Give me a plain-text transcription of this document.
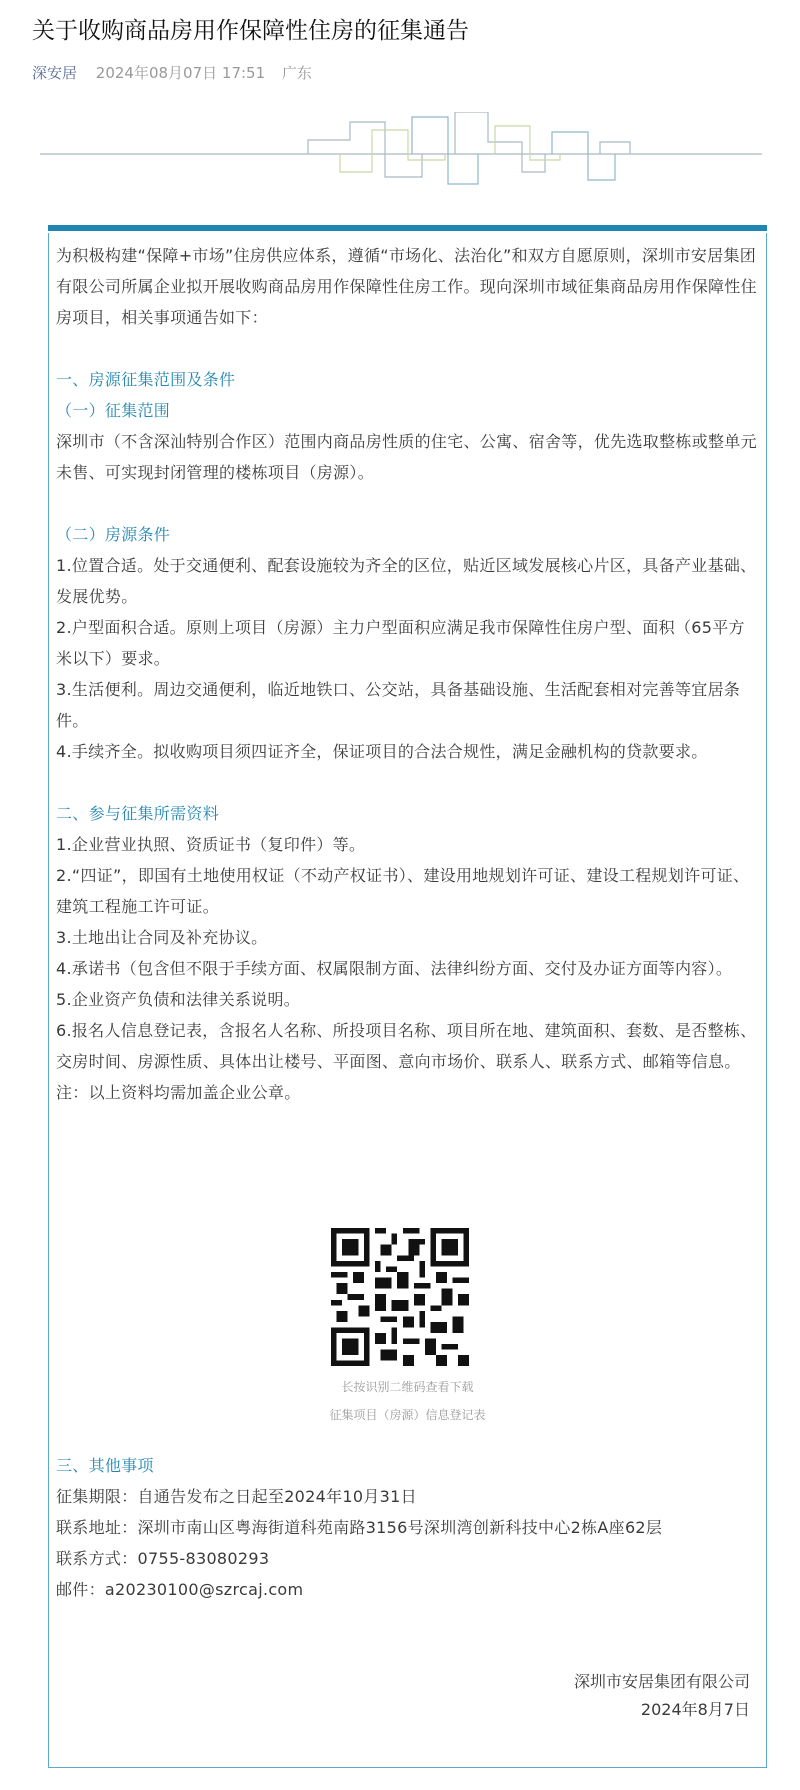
关于收购商品房用作保障性住房的征集通告
深安居 2024年08月07日 17:51 广东

为积极构建“保障+市场”住房供应体系，遵循“市场化、法治化”和双方自愿原则，深圳市安居集团有限公司所属企业拟开展收购商品房用作保障性住房工作。现向深圳市域征集商品房用作保障性住房项目，相关事项通告如下：

一、房源征集范围及条件

（一）征集范围

深圳市（不含深汕特别合作区）范围内商品房性质的住宅、公寓、宿舍等，优先选取整栋或整单元未售、可实现封闭管理的楼栋项目（房源）。

（二）房源条件

1.位置合适。处于交通便利、配套设施较为齐全的区位，贴近区域发展核心片区，具备产业基础、发展优势。

2.户型面积合适。原则上项目（房源）主力户型面积应满足我市保障性住房户型、面积（65平方米以下）要求。

3.生活便利。周边交通便利，临近地铁口、公交站，具备基础设施、生活配套相对完善等宜居条件。

4.手续齐全。拟收购项目须四证齐全，保证项目的合法合规性，满足金融机构的贷款要求。

二、参与征集所需资料

1.企业营业执照、资质证书（复印件）等。

2.“四证”，即国有土地使用权证（不动产权证书）、建设用地规划许可证、建设工程规划许可证、建筑工程施工许可证。

3.土地出让合同及补充协议。

4.承诺书（包含但不限于手续方面、权属限制方面、法律纠纷方面、交付及办证方面等内容）。

5.企业资产负债和法律关系说明。

6.报名人信息登记表，含报名人名称、所投项目名称、项目所在地、建筑面积、套数、是否整栋、交房时间、房源性质、具体出让楼号、平面图、意向市场价、联系人、联系方式、邮箱等信息。

注：以上资料均需加盖企业公章。

长按识别二维码查看下载
征集项目（房源）信息登记表

三、其他事项

征集期限：自通告发布之日起至2024年10月31日

联系地址：深圳市南山区粤海街道科苑南路3156号深圳湾创新科技中心2栋A座62层

联系方式：0755-83080293

邮件：a20230100@szrcaj.com

深圳市安居集团有限公司
2024年8月7日
